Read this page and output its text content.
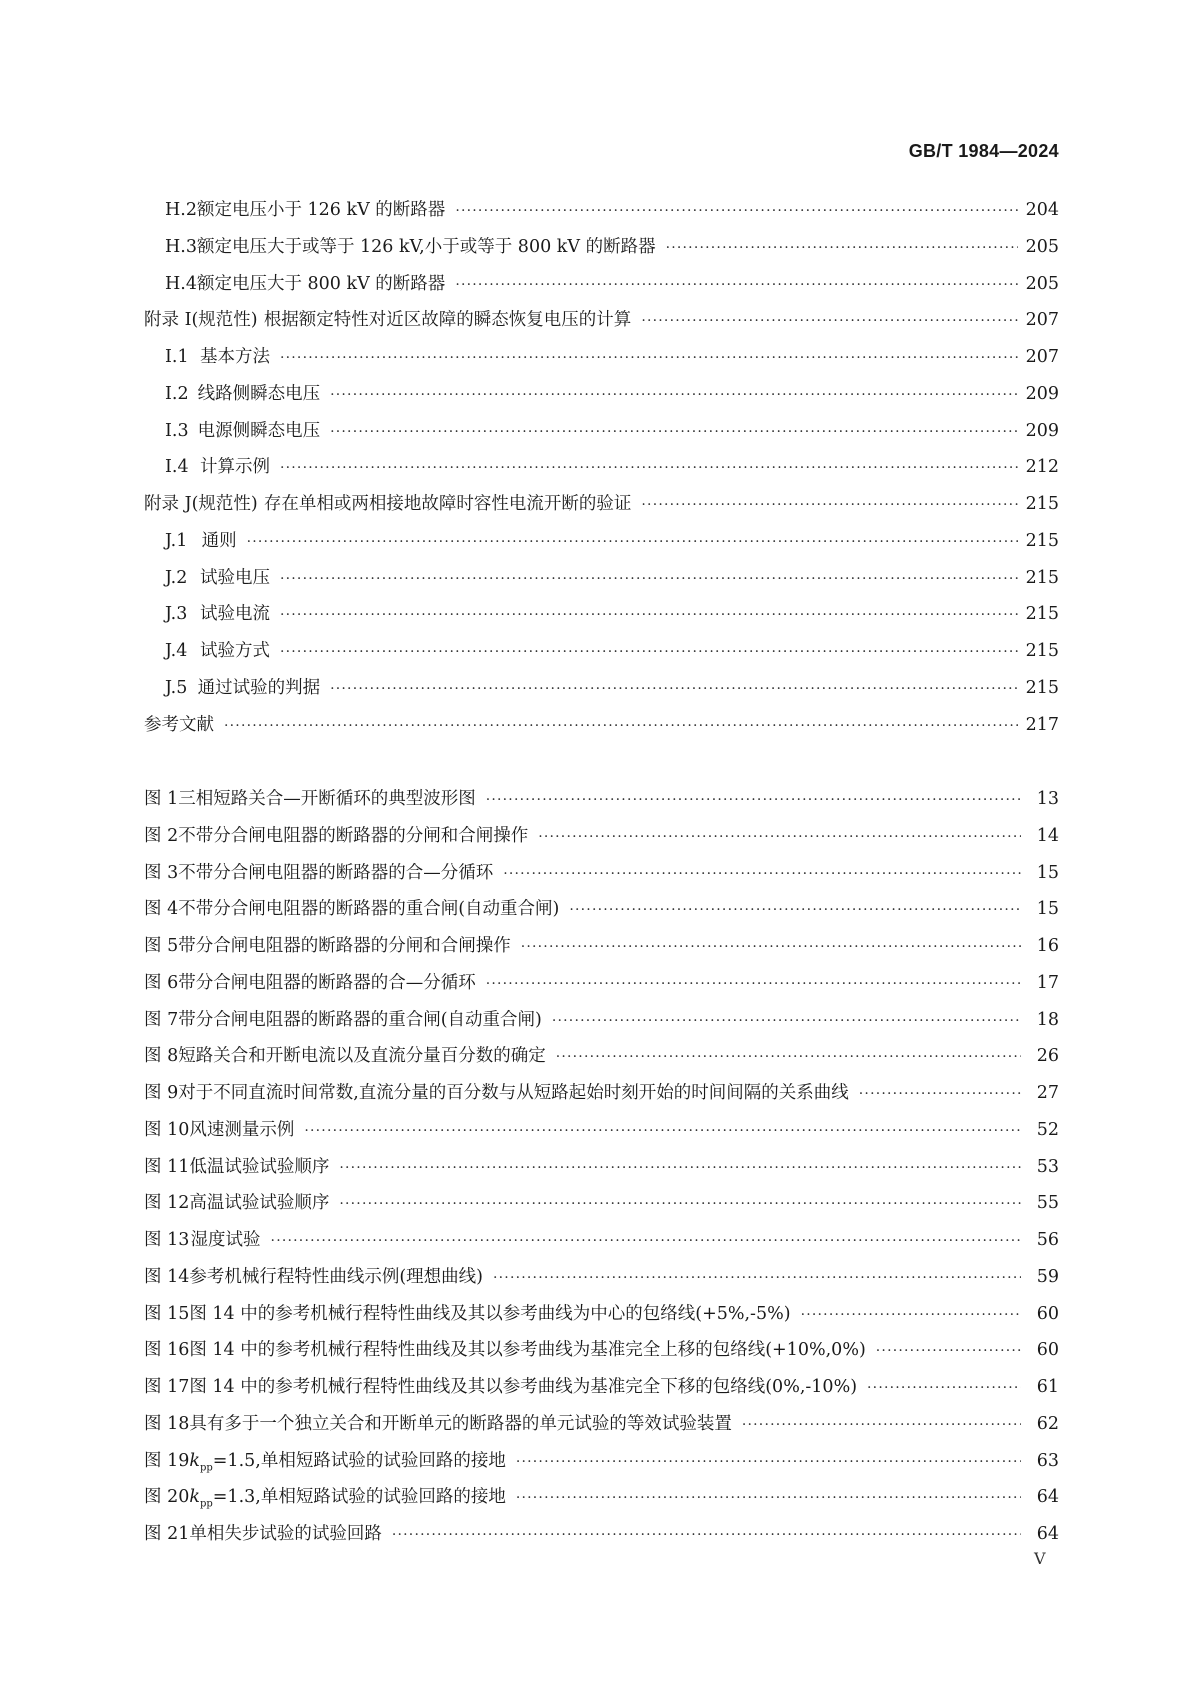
GB/T 1984—2024
H.2 额定电压小于 126 kV 的断路器 ·····	204
H.3 额定电压大于或等于 126 kV,小于或等于 800 kV 的断路器 ·····	205
H.4 额定电压大于 800 kV 的断路器 ·····	205
附录 I(规范性) 根据额定特性对近区故障的瞬态恢复电压的计算 ·····	207
I.1 基本方法 ·····	207
I.2 线路侧瞬态电压 ·····	209
I.3 电源侧瞬态电压 ·····	209
I.4 计算示例 ·····	212
附录 J(规范性) 存在单相或两相接地故障时容性电流开断的验证 ·····	215
J.1 通则 ·····	215
J.2 试验电压 ·····	215
J.3 试验电流 ·····	215
J.4 试验方式 ·····	215
J.5 通过试验的判据 ·····	215
参考文献 ·····	217
图 1 三相短路关合—开断循环的典型波形图 ·····	13
图 2 不带分合闸电阻器的断路器的分闸和合闸操作 ·····	14
图 3 不带分合闸电阻器的断路器的合—分循环 ·····	15
图 4 不带分合闸电阻器的断路器的重合闸(自动重合闸) ·····	15
图 5 带分合闸电阻器的断路器的分闸和合闸操作 ·····	16
图 6 带分合闸电阻器的断路器的合—分循环 ·····	17
图 7 带分合闸电阻器的断路器的重合闸(自动重合闸) ·····	18
图 8 短路关合和开断电流以及直流分量百分数的确定 ·····	26
图 9 对于不同直流时间常数,直流分量的百分数与从短路起始时刻开始的时间间隔的关系曲线 ·····	27
图 10 风速测量示例 ·····	52
图 11 低温试验试验顺序 ·····	53
图 12 高温试验试验顺序 ·····	55
图 13 湿度试验 ·····	56
图 14 参考机械行程特性曲线示例(理想曲线) ·····	59
图 15 图 14 中的参考机械行程特性曲线及其以参考曲线为中心的包络线(+5%,-5%) ·····	60
图 16 图 14 中的参考机械行程特性曲线及其以参考曲线为基准完全上移的包络线(+10%,0%) ·····	60
图 17 图 14 中的参考机械行程特性曲线及其以参考曲线为基准完全下移的包络线(0%,-10%) ·····	61
图 18 具有多于一个独立关合和开断单元的断路器的单元试验的等效试验装置 ·····	62
图 19 $k_{pp}=1.5$,单相短路试验的试验回路的接地 ·····	63
图 20 $k_{pp}=1.3$,单相短路试验的试验回路的接地 ·····	64
图 21 单相失步试验的试验回路 ·····	64
V
